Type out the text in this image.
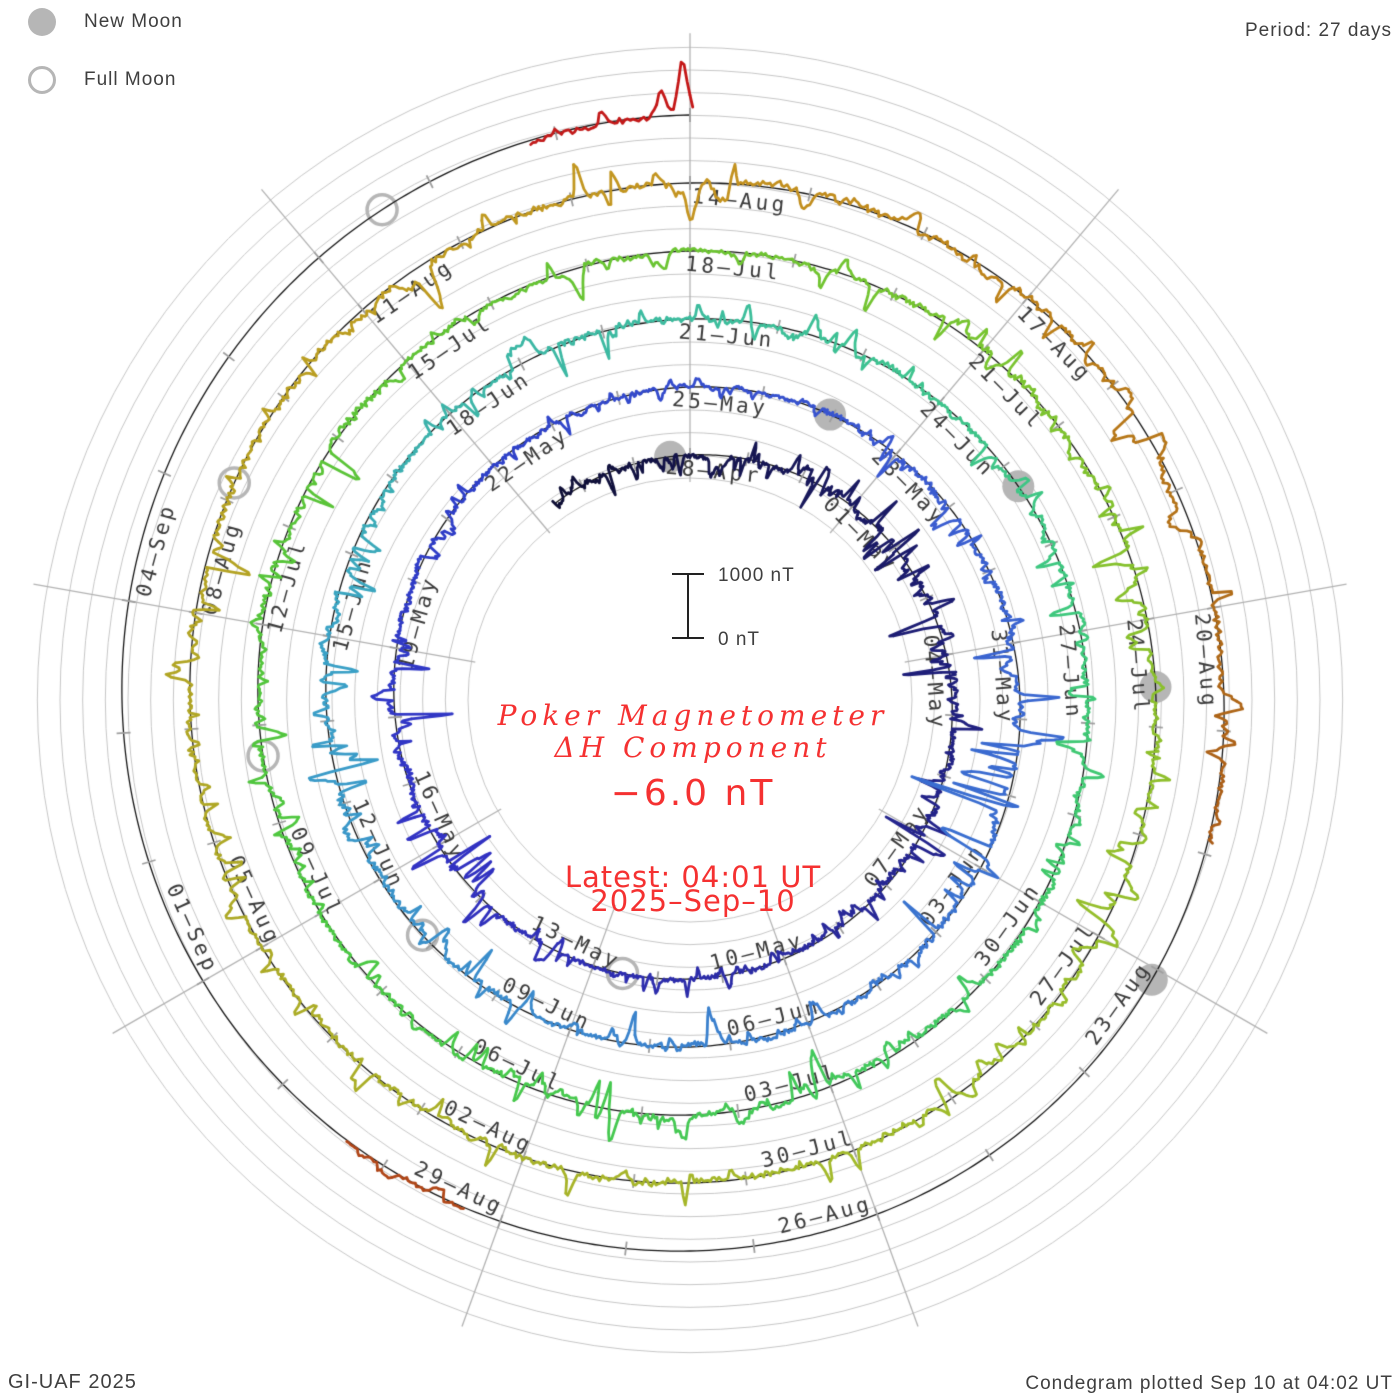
New Moon
Full Moon
Period: 27 days
1000 nT
0 nT
Poker Magnetometer
ΔH Component
−6.0 nT
Latest: 04:01 UT
2025–Sep–10
GI-UAF 2025	Condegram plotted Sep 10 at 04:02 UT
